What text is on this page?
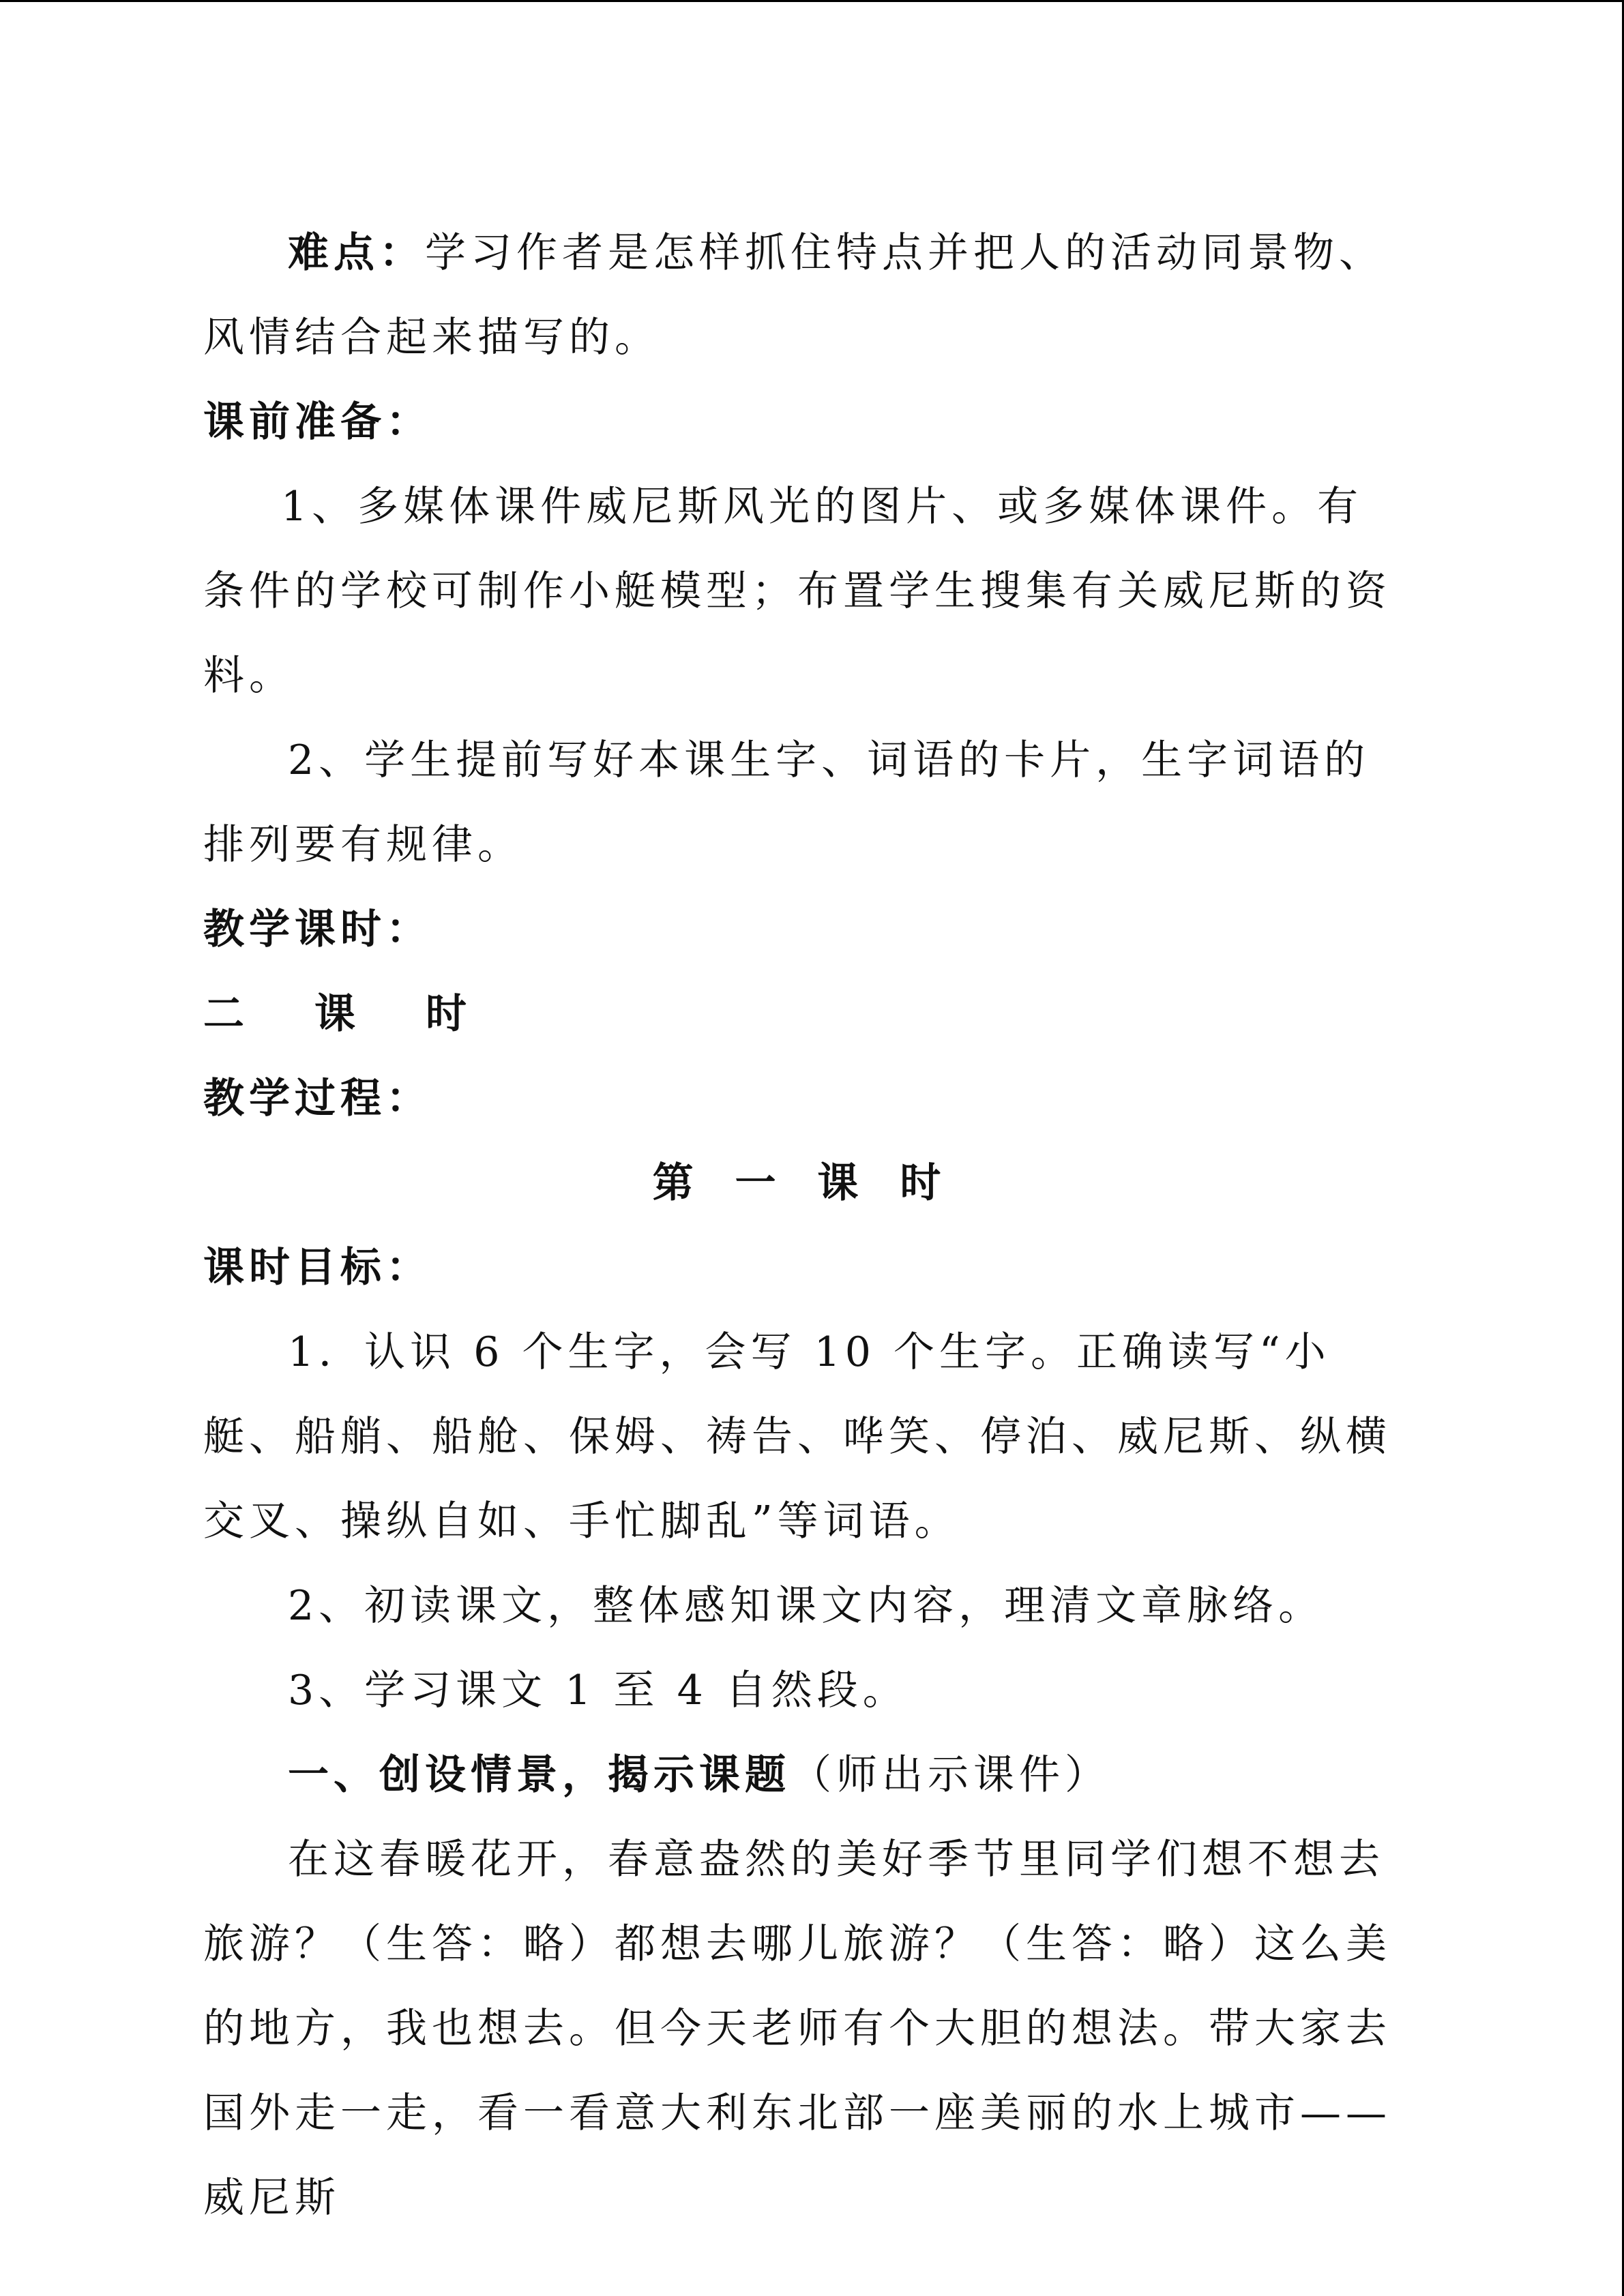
难点：学习作者是怎样抓住特点并把人的活动同景物、风情结合起来描写的。

课前准备：

1、多媒体课件威尼斯风光的图片、或多媒体课件。有条件的学校可制作小艇模型；布置学生搜集有关威尼斯的资料。

2、学生提前写好本课生字、词语的卡片，生字词语的排列要有规律。

教学课时：

二 课 时

教学过程：

第 一 课 时

课时目标：

1．认识 6 个生字，会写 10 个生字。正确读写“小艇、船艄、船舱、保姆、祷告、哗笑、停泊、威尼斯、纵横交叉、操纵自如、手忙脚乱”等词语。

2、初读课文，整体感知课文内容，理清文章脉络。

3、学习课文 1 至 4 自然段。

一、创设情景，揭示课题（师出示课件）

在这春暖花开，春意盎然的美好季节里同学们想不想去旅游？（生答：略）都想去哪儿旅游？（生答：略）这么美的地方，我也想去。但今天老师有个大胆的想法。带大家去国外走一走，看一看意大利东北部一座美丽的水上城市——威尼斯
